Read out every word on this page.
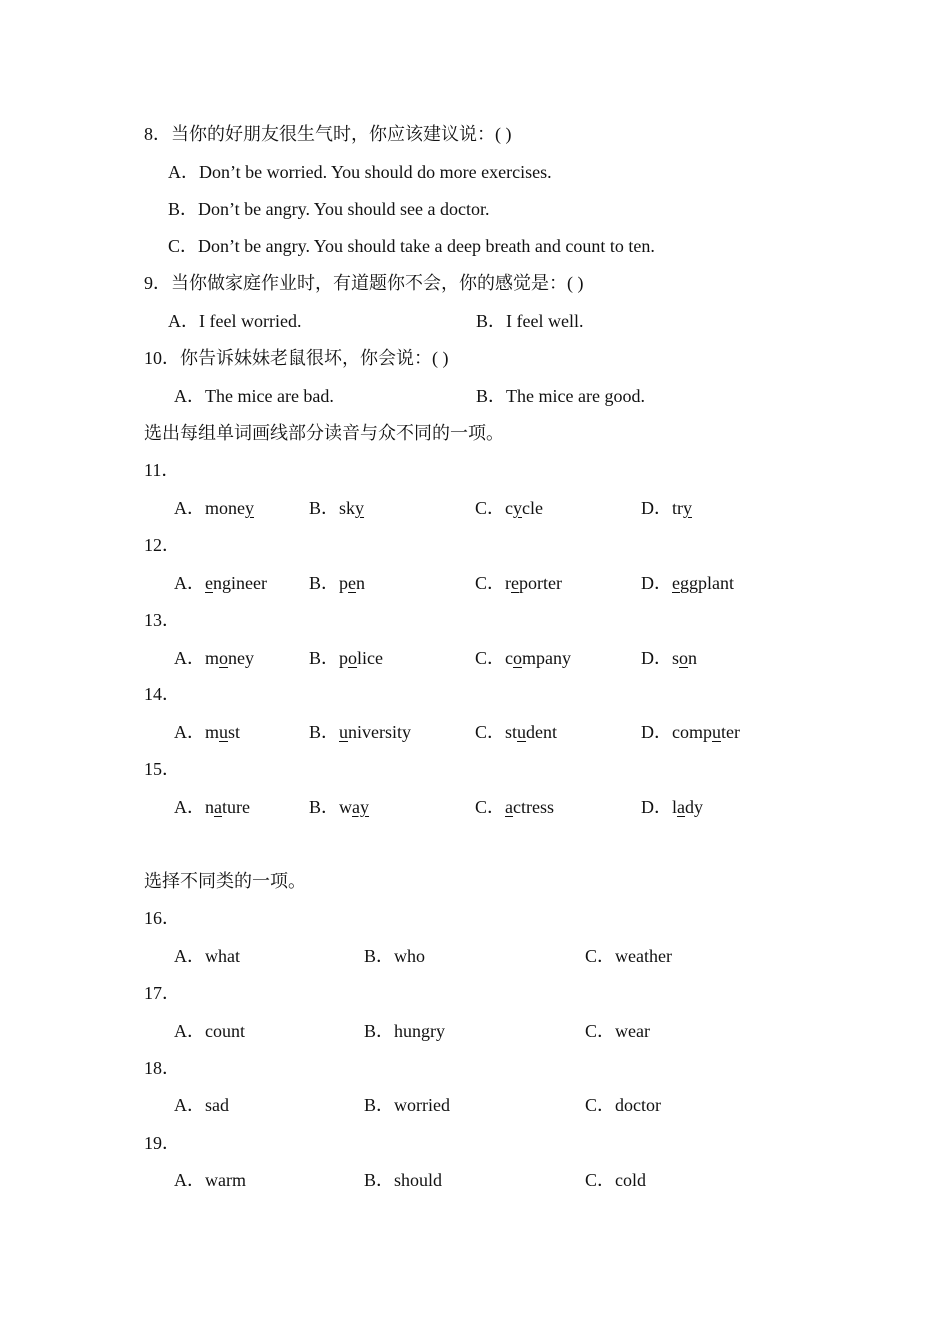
8．当你的好朋友很生气时，你应该建议说：( )
A．Don’t be worried. You should do more exercises.
B．Don’t be angry. You should see a doctor.
C．Don’t be angry. You should take a deep breath and count to ten.
9．当你做家庭作业时，有道题你不会，你的感觉是：( )
A．I feel worried.	B．I feel well.
10．你告诉妹妹老鼠很坏，你会说：( )
A．The mice are bad.	B．The mice are good.
选出每组单词画线部分读音与众不同的一项。
11．
A．money	B．sky	C．cycle	D．try
12．
A．engineer B．pen	C．reporter	D．eggplant
13．
A．money	B．police	C．company	D．son
14．
A．must	B．university	C．student	D．computer
15．
A．nature	B．way	C．actress	D．lady
选择不同类的一项。
16．
A．what	B．who	C．weather
17．
A．count	B．hungry	C．wear
18．
A．sad	B．worried	C．doctor
19．
A．warm	B．should	C．cold
